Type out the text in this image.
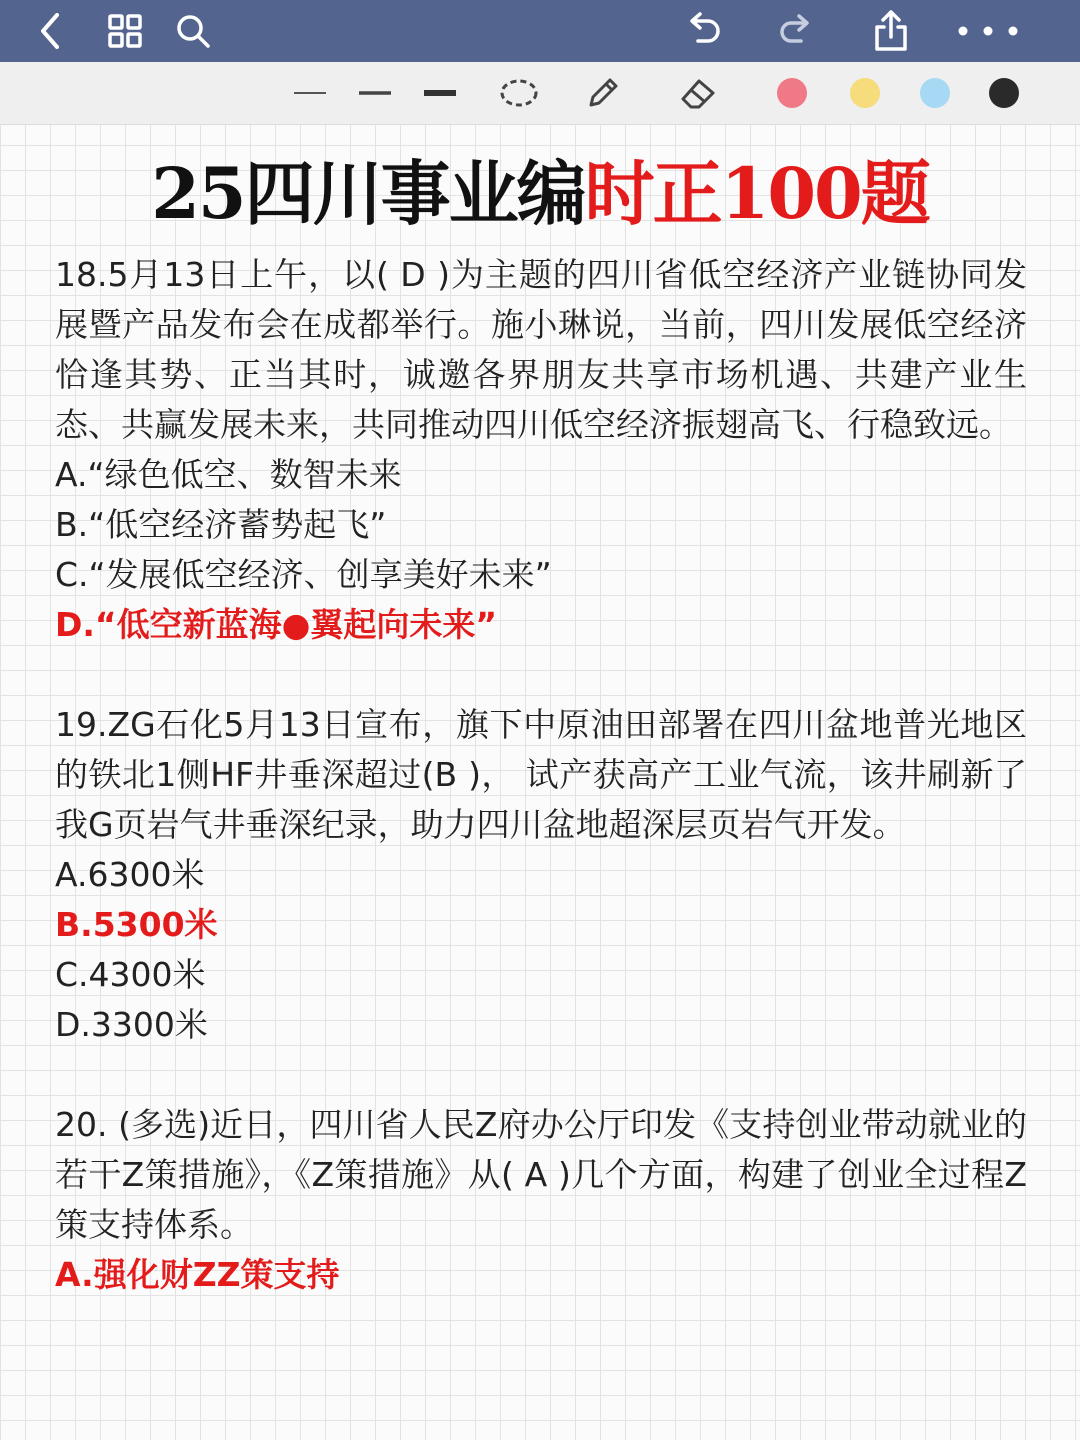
25四川事业编时正100题

18.5月13日上午，以( D )为主题的四川省低空经济产业链协同发展暨产品发布会在成都举行。施小琳说，当前，四川发展低空经济恰逢其势、正当其时，诚邀各界朋友共享市场机遇、共建产业生态、共赢发展未来，共同推动四川低空经济振翅高飞、行稳致远。

A.“绿色低空、数智未来

B.“低空经济蓄势起飞”

C.“发展低空经济、创享美好未来”

D.“低空新蓝海●翼起向未来”

19.ZG石化5月13日宣布，旗下中原油田部署在四川盆地普光地区的铁北1侧HF井垂深超过(B )， 试产获高产工业气流，该井刷新了我G页岩气井垂深纪录，助力四川盆地超深层页岩气开发。

A.6300米

B.5300米

C.4300米

D.3300米

20. (多选)近日，四川省人民Z府办公厅印发《支持创业带动就业的若干Z策措施》，《Z策措施》从( A )几个方面，构建了创业全过程Z策支持体系。

A.强化财ZZ策支持
